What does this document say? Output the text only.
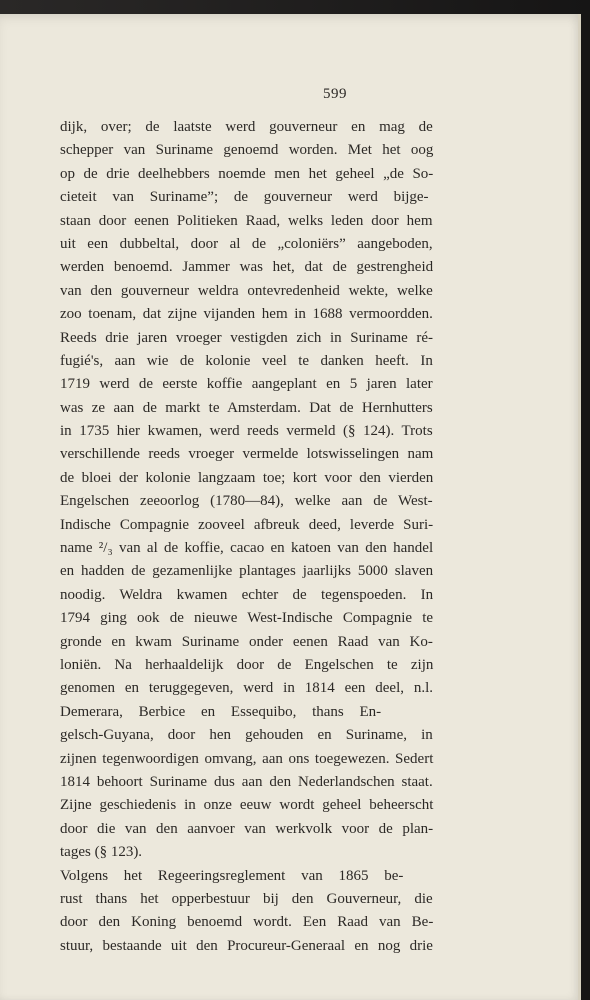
599
dijk, over; de laatste werd gouverneur en mag de
schepper van Suriname genoemd worden. Met het oog
op de drie deelhebbers noemde men het geheel „de So-
cieteit van Suriname”; de gouverneur werd bijge-
staan door eenen Politieken Raad, welks leden door hem
uit een dubbeltal, door al de „coloniërs” aangeboden,
werden benoemd. Jammer was het, dat de gestrengheid
van den gouverneur weldra ontevredenheid wekte, welke
zoo toenam, dat zijne vijanden hem in 1688 vermoordden.
Reeds drie jaren vroeger vestigden zich in Suriname ré-
fugié's, aan wie de kolonie veel te danken heeft. In
1719 werd de eerste koffie aangeplant en 5 jaren later
was ze aan de markt te Amsterdam. Dat de Hernhutters
in 1735 hier kwamen, werd reeds vermeld (§ 124). Trots
verschillende reeds vroeger vermelde lotswisselingen nam
de bloei der kolonie langzaam toe; kort voor den vierden
Engelschen zeeoorlog (1780—84), welke aan de West-
Indische Compagnie zooveel afbreuk deed, leverde Suri-
name ²/₃ van al de koffie, cacao en katoen van den handel
en hadden de gezamenlijke plantages jaarlijks 5000 slaven
noodig. Weldra kwamen echter de tegenspoeden. In
1794 ging ook de nieuwe West-Indische Compagnie te
gronde en kwam Suriname onder eenen Raad van Ko-
loniën. Na herhaaldelijk door de Engelschen te zijn
genomen en teruggegeven, werd in 1814 een deel, n.l.
Demerara, Berbice en Essequibo, thans En-
gelsch-Guyana, door hen gehouden en Suriname, in
zijnen tegenwoordigen omvang, aan ons toegewezen. Sedert
1814 behoort Suriname dus aan den Nederlandschen staat.
Zijne geschiedenis in onze eeuw wordt geheel beheerscht
door die van den aanvoer van werkvolk voor de plan-
tages (§ 123).
Volgens het Regeeringsreglement van 1865 be-
rust thans het opperbestuur bij den Gouverneur, die
door den Koning benoemd wordt. Een Raad van Be-
stuur, bestaande uit den Procureur-Generaal en nog drie
